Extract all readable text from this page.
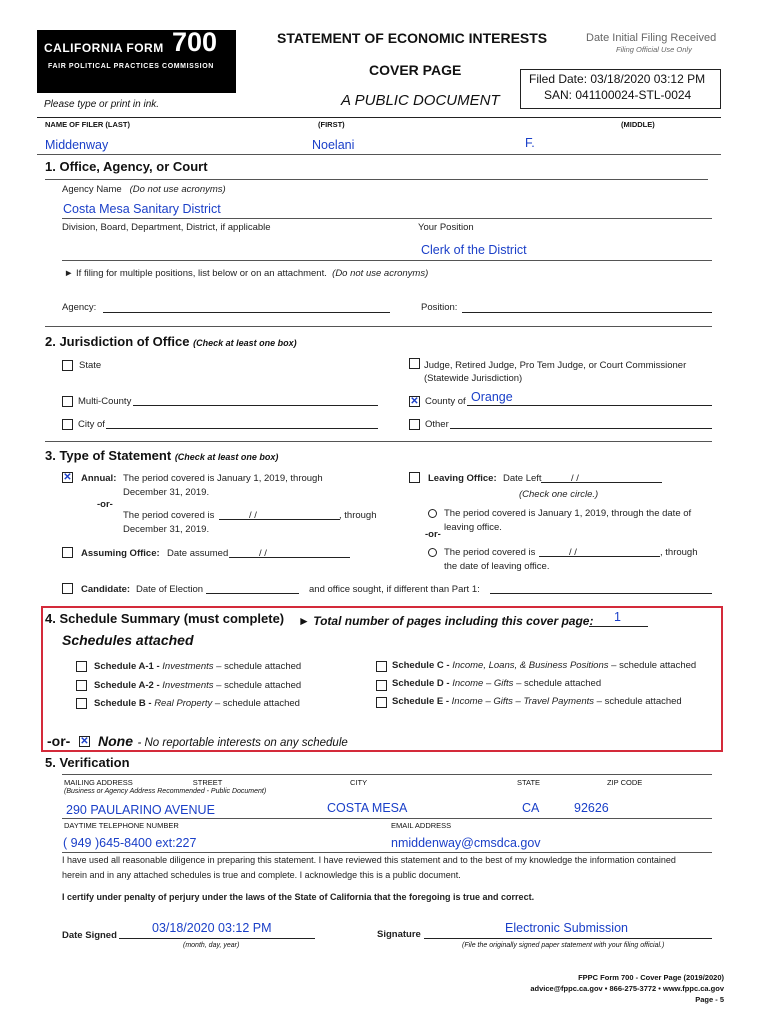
CALIFORNIA FORM 700
FAIR POLITICAL PRACTICES COMMISSION
Please type or print in ink.
STATEMENT OF ECONOMIC INTERESTS
COVER PAGE
A PUBLIC DOCUMENT
Date Initial Filing Received
Filing Official Use Only
Filed Date: 03/18/2020 03:12 PM
SAN: 041100024-STL-0024
NAME OF FILER (LAST)	(FIRST)	(MIDDLE)
Middenway	Noelani	F.
1. Office, Agency, or Court
Agency Name (Do not use acronyms)
Costa Mesa Sanitary District
Division, Board, Department, District, if applicable	Your Position
Clerk of the District
► If filing for multiple positions, list below or on an attachment. (Do not use acronyms)
Agency:	Position:
2. Jurisdiction of Office (Check at least one box)
State	Judge, Retired Judge, Pro Tem Judge, or Court Commissioner
(Statewide Jurisdiction)
Multi-County	✕ County of Orange
City of	Other
3. Type of Statement (Check at least one box)
✕ Annual: The period covered is January 1, 2019, through
December 31, 2019.
-or-
The period covered is	/ /	, through
December 31, 2019.
Assuming Office: Date assumed	/ /
Candidate: Date of Election	and office sought, if different than Part 1:
Leaving Office: Date Left	/ /
(Check one circle.)
The period covered is January 1, 2019, through the date of
leaving office.
-or-
The period covered is	/ /	, through
the date of leaving office.
4. Schedule Summary (must complete) ► Total number of pages including this cover page: 1
Schedules attached
Schedule A-1 - Investments – schedule attached
Schedule A-2 - Investments – schedule attached
Schedule B - Real Property – schedule attached
Schedule C - Income, Loans, & Business Positions – schedule attached
Schedule D - Income – Gifts – schedule attached
Schedule E - Income – Gifts – Travel Payments – schedule attached
-or- ✕ None - No reportable interests on any schedule
5. Verification
MAILING ADDRESS	STREET
(Business or Agency Address Recommended - Public Document)
CITY	STATE	ZIP CODE
290 PAULARINO AVENUE	COSTA MESA	CA	92626
DAYTIME TELEPHONE NUMBER	EMAIL ADDRESS
( 949 )645-8400 ext:227	nmiddenway@cmsdca.gov
I have used all reasonable diligence in preparing this statement. I have reviewed this statement and to the best of my knowledge the information contained
herein and in any attached schedules is true and complete. I acknowledge this is a public document.
I certify under penalty of perjury under the laws of the State of California that the foregoing is true and correct.
Date Signed
03/18/2020 03:12 PM
(month, day, year)
Signature	Electronic Submission
(File the originally signed paper statement with your filing official.)
FPPC Form 700 - Cover Page (2019/2020)
advice@fppc.ca.gov • 866-275-3772 • www.fppc.ca.gov
Page - 5
